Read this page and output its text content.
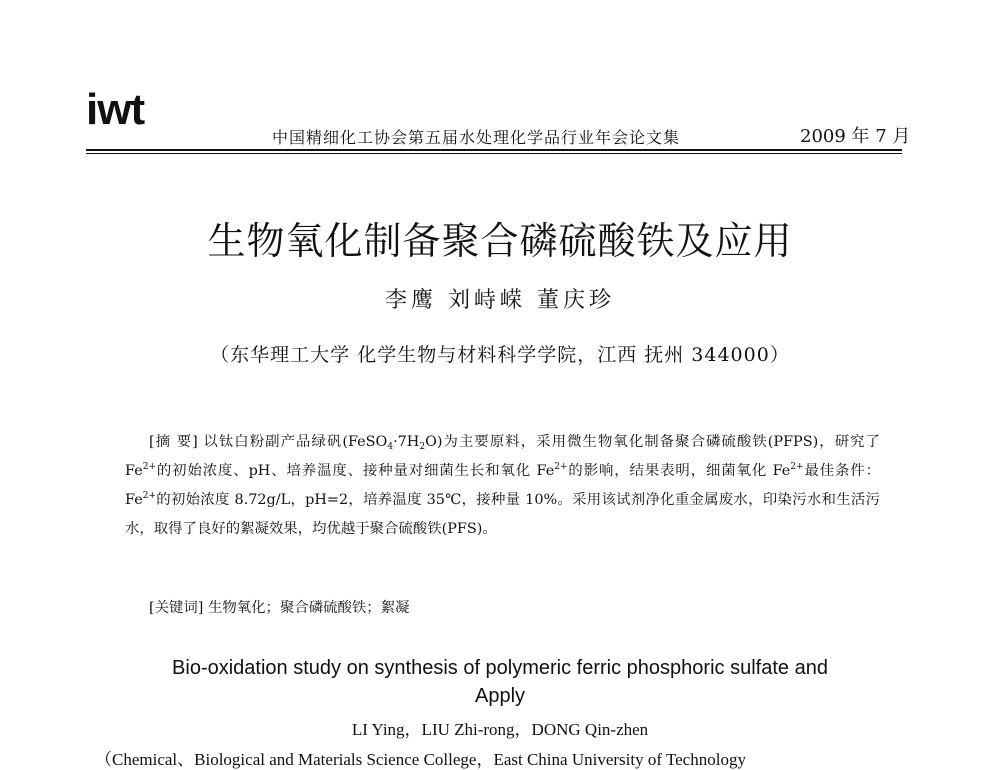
iwt
中国精细化工协会第五届水处理化学品行业年会论文集	2009 年 7 月
生物氧化制备聚合磷硫酸铁及应用
李鹰 刘峙嵘 董庆珍
（东华理工大学 化学生物与材料科学学院，江西 抚州 344000）

[摘 要] 以钛白粉副产品绿矾$(FeSO_4\cdot 7H_2O)$为主要原料，采用微生物氧化制备聚合磷硫酸铁(PFPS)，研究了 $Fe^{2+}$的初始浓度、pH、培养温度、接种量对细菌生长和氧化 $Fe^{2+}$的影响，结果表明，细菌氧化 $Fe^{2+}$最佳条件： $Fe^{2+}$的初始浓度 8.72g/L，pH=2，培养温度 35℃，接种量 10%。采用该试剂净化重金属废水，印染污水和生活污水，取得了良好的絮凝效果，均优越于聚合硫酸铁(PFS)。

[关键词] 生物氧化；聚合磷硫酸铁；絮凝
Bio-oxidation study on synthesis of polymeric ferric phosphoric sulfate and
Apply
LI Ying，LIU Zhi-rong，DONG Qin-zhen
（Chemical、Biological and Materials Science College，East China University of Technology
